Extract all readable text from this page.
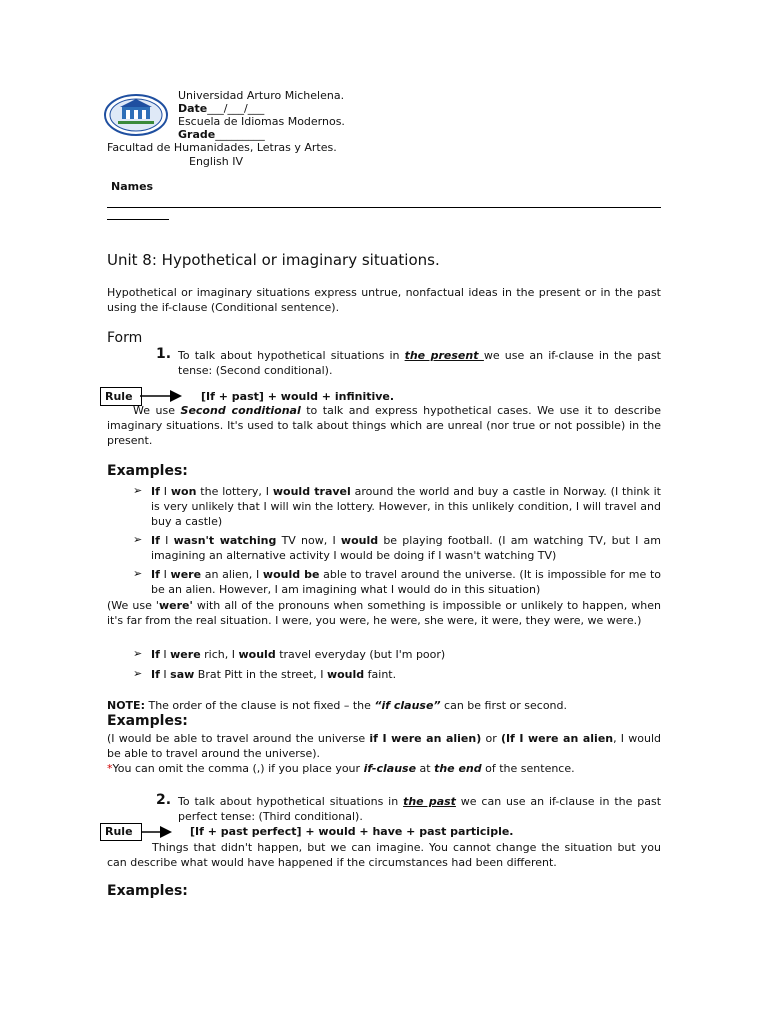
Universidad Arturo Michelena.
Date___/___/___
Escuela de Idiomas Modernos.
Grade_________
Facultad de Humanidades, Letras y Artes.
English IV
Names
Unit 8: Hypothetical or imaginary situations.
Hypothetical or imaginary situations express untrue, nonfactual ideas in the present or in the past using the if-clause (Conditional sentence).
Form
1. To talk about hypothetical situations in the present we use an if-clause in the past tense: (Second conditional).
Rule	[If + past] + would + infinitive.
We use Second conditional to talk and express hypothetical cases. We use it to describe imaginary situations. It's used to talk about things which are unreal (nor true or not possible) in the present.
Examples:
➢ If I won the lottery, I would travel around the world and buy a castle in Norway. (I think it is very unlikely that I will win the lottery. However, in this unlikely condition, I will travel and buy a castle)
➢ If I wasn't watching TV now, I would be playing football. (I am watching TV, but I am imagining an alternative activity I would be doing if I wasn't watching TV)
➢ If I were an alien, I would be able to travel around the universe. (It is impossible for me to be an alien. However, I am imagining what I would do in this situation)
(We use 'were' with all of the pronouns when something is impossible or unlikely to happen, when it's far from the real situation. I were, you were, he were, she were, it were, they were, we were.)
➢ If I were rich, I would travel everyday (but I'm poor)
➢ If I saw Brat Pitt in the street, I would faint.
NOTE: The order of the clause is not fixed – the “if clause” can be first or second.
Examples:
(I would be able to travel around the universe if I were an alien) or (If I were an alien, I would be able to travel around the universe).
*You can omit the comma (,) if you place your if-clause at the end of the sentence.
2. To talk about hypothetical situations in the past we can use an if-clause in the past perfect tense: (Third conditional).
Rule	[If + past perfect] + would + have + past participle.
Things that didn't happen, but we can imagine. You cannot change the situation but you can describe what would have happened if the circumstances had been different.
Examples:
